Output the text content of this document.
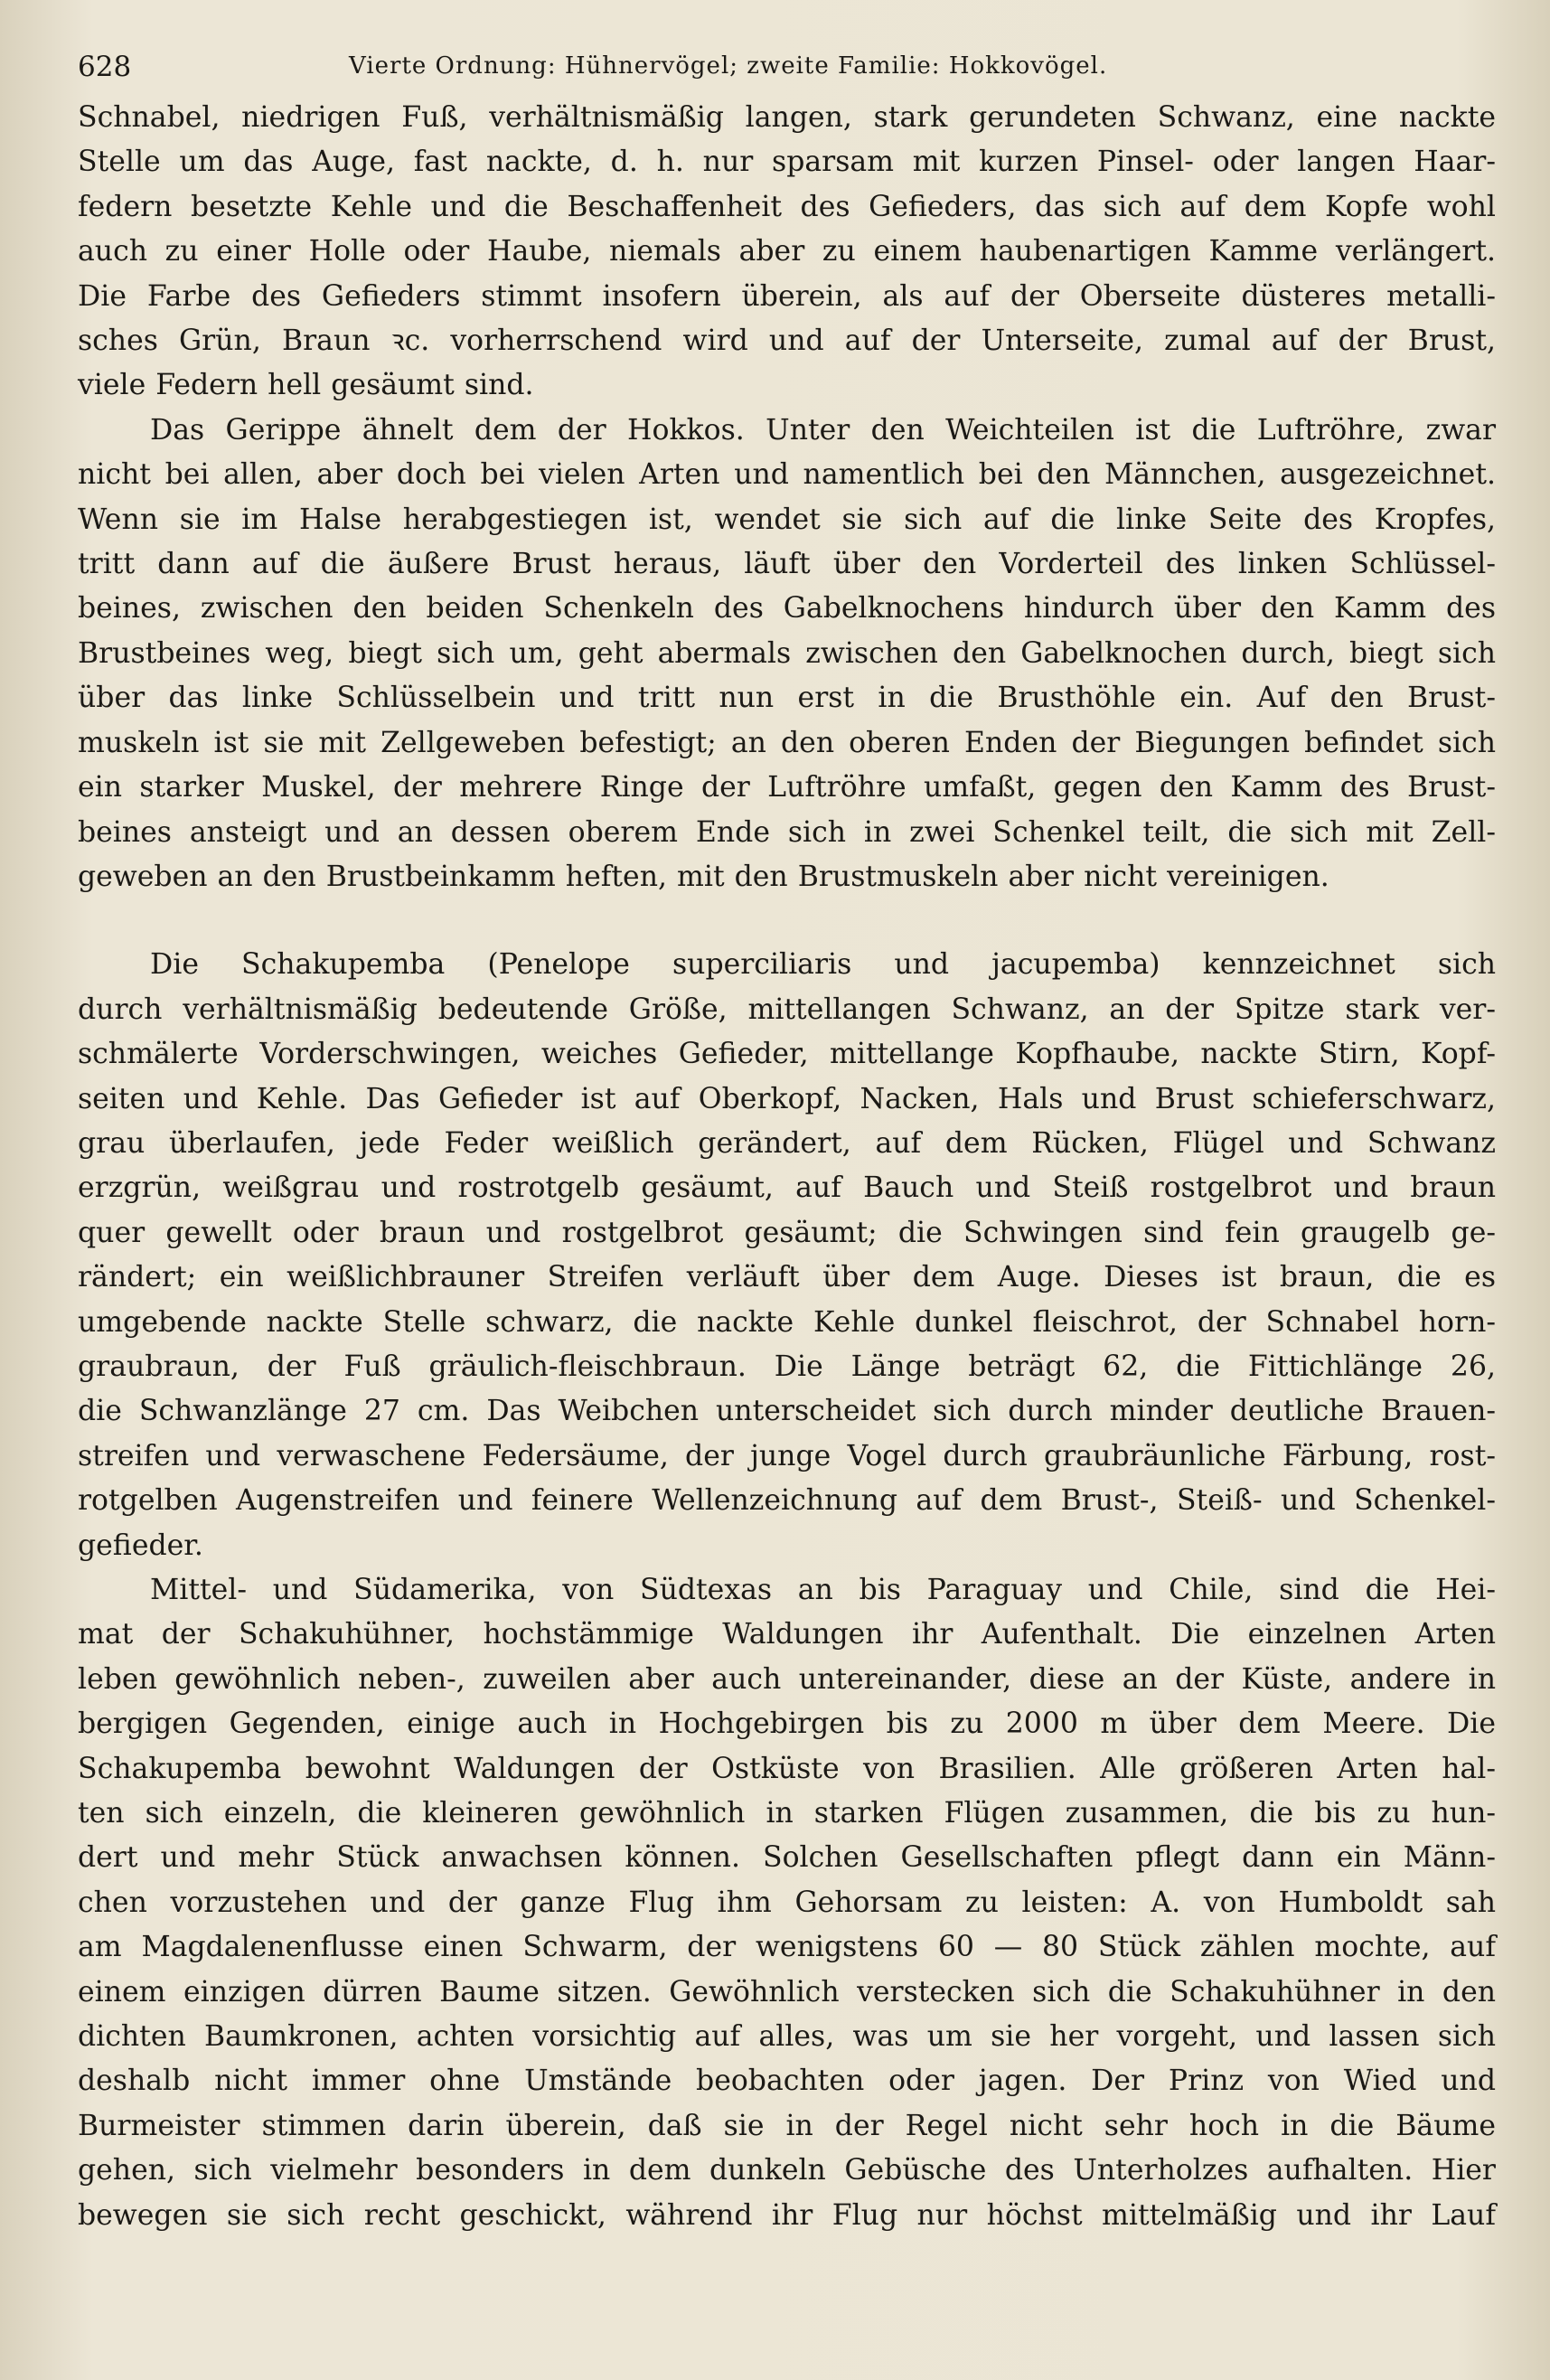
628	Vierte Ordnung: Hühnervögel; zweite Familie: Hokkovögel.

Schnabel, niedrigen Fuß, verhältnismäßig langen, stark gerundeten Schwanz, eine nackte
Stelle um das Auge, fast nackte, d. h. nur sparsam mit kurzen Pinsel- oder langen Haar-
federn besetzte Kehle und die Beschaffenheit des Gefieders, das sich auf dem Kopfe wohl
auch zu einer Holle oder Haube, niemals aber zu einem haubenartigen Kamme verlängert.
Die Farbe des Gefieders stimmt insofern überein, als auf der Oberseite düsteres metalli-
sches Grün, Braun ꝛc. vorherrschend wird und auf der Unterseite, zumal auf der Brust,
viele Federn hell gesäumt sind.

Das Gerippe ähnelt dem der Hokkos. Unter den Weichteilen ist die Luftröhre, zwar
nicht bei allen, aber doch bei vielen Arten und namentlich bei den Männchen, ausgezeichnet.
Wenn sie im Halse herabgestiegen ist, wendet sie sich auf die linke Seite des Kropfes,
tritt dann auf die äußere Brust heraus, läuft über den Vorderteil des linken Schlüssel-
beines, zwischen den beiden Schenkeln des Gabelknochens hindurch über den Kamm des
Brustbeines weg, biegt sich um, geht abermals zwischen den Gabelknochen durch, biegt sich
über das linke Schlüsselbein und tritt nun erst in die Brusthöhle ein. Auf den Brust-
muskeln ist sie mit Zellgeweben befestigt; an den oberen Enden der Biegungen befindet sich
ein starker Muskel, der mehrere Ringe der Luftröhre umfaßt, gegen den Kamm des Brust-
beines ansteigt und an dessen oberem Ende sich in zwei Schenkel teilt, die sich mit Zell-
geweben an den Brustbeinkamm heften, mit den Brustmuskeln aber nicht vereinigen.

Die Schakupemba (Penelope superciliaris und jacupemba) kennzeichnet sich
durch verhältnismäßig bedeutende Größe, mittellangen Schwanz, an der Spitze stark ver-
schmälerte Vorderschwingen, weiches Gefieder, mittellange Kopfhaube, nackte Stirn, Kopf-
seiten und Kehle. Das Gefieder ist auf Oberkopf, Nacken, Hals und Brust schieferschwarz,
grau überlaufen, jede Feder weißlich gerändert, auf dem Rücken, Flügel und Schwanz
erzgrün, weißgrau und rostrotgelb gesäumt, auf Bauch und Steiß rostgelbrot und braun
quer gewellt oder braun und rostgelbrot gesäumt; die Schwingen sind fein graugelb ge-
rändert; ein weißlichbrauner Streifen verläuft über dem Auge. Dieses ist braun, die es
umgebende nackte Stelle schwarz, die nackte Kehle dunkel fleischrot, der Schnabel horn-
graubraun, der Fuß gräulich-fleischbraun. Die Länge beträgt 62, die Fittichlänge 26,
die Schwanzlänge 27 cm. Das Weibchen unterscheidet sich durch minder deutliche Brauen-
streifen und verwaschene Federsäume, der junge Vogel durch graubräunliche Färbung, rost-
rotgelben Augenstreifen und feinere Wellenzeichnung auf dem Brust-, Steiß- und Schenkel-
gefieder.

Mittel- und Südamerika, von Südtexas an bis Paraguay und Chile, sind die Hei-
mat der Schakuhühner, hochstämmige Waldungen ihr Aufenthalt. Die einzelnen Arten
leben gewöhnlich neben-, zuweilen aber auch untereinander, diese an der Küste, andere in
bergigen Gegenden, einige auch in Hochgebirgen bis zu 2000 m über dem Meere. Die
Schakupemba bewohnt Waldungen der Ostküste von Brasilien. Alle größeren Arten hal-
ten sich einzeln, die kleineren gewöhnlich in starken Flügen zusammen, die bis zu hun-
dert und mehr Stück anwachsen können. Solchen Gesellschaften pflegt dann ein Männ-
chen vorzustehen und der ganze Flug ihm Gehorsam zu leisten: A. von Humboldt sah
am Magdalenenflusse einen Schwarm, der wenigstens 60 — 80 Stück zählen mochte, auf
einem einzigen dürren Baume sitzen. Gewöhnlich verstecken sich die Schakuhühner in den
dichten Baumkronen, achten vorsichtig auf alles, was um sie her vorgeht, und lassen sich
deshalb nicht immer ohne Umstände beobachten oder jagen. Der Prinz von Wied und
Burmeister stimmen darin überein, daß sie in der Regel nicht sehr hoch in die Bäume
gehen, sich vielmehr besonders in dem dunkeln Gebüsche des Unterholzes aufhalten. Hier
bewegen sie sich recht geschickt, während ihr Flug nur höchst mittelmäßig und ihr Lauf
